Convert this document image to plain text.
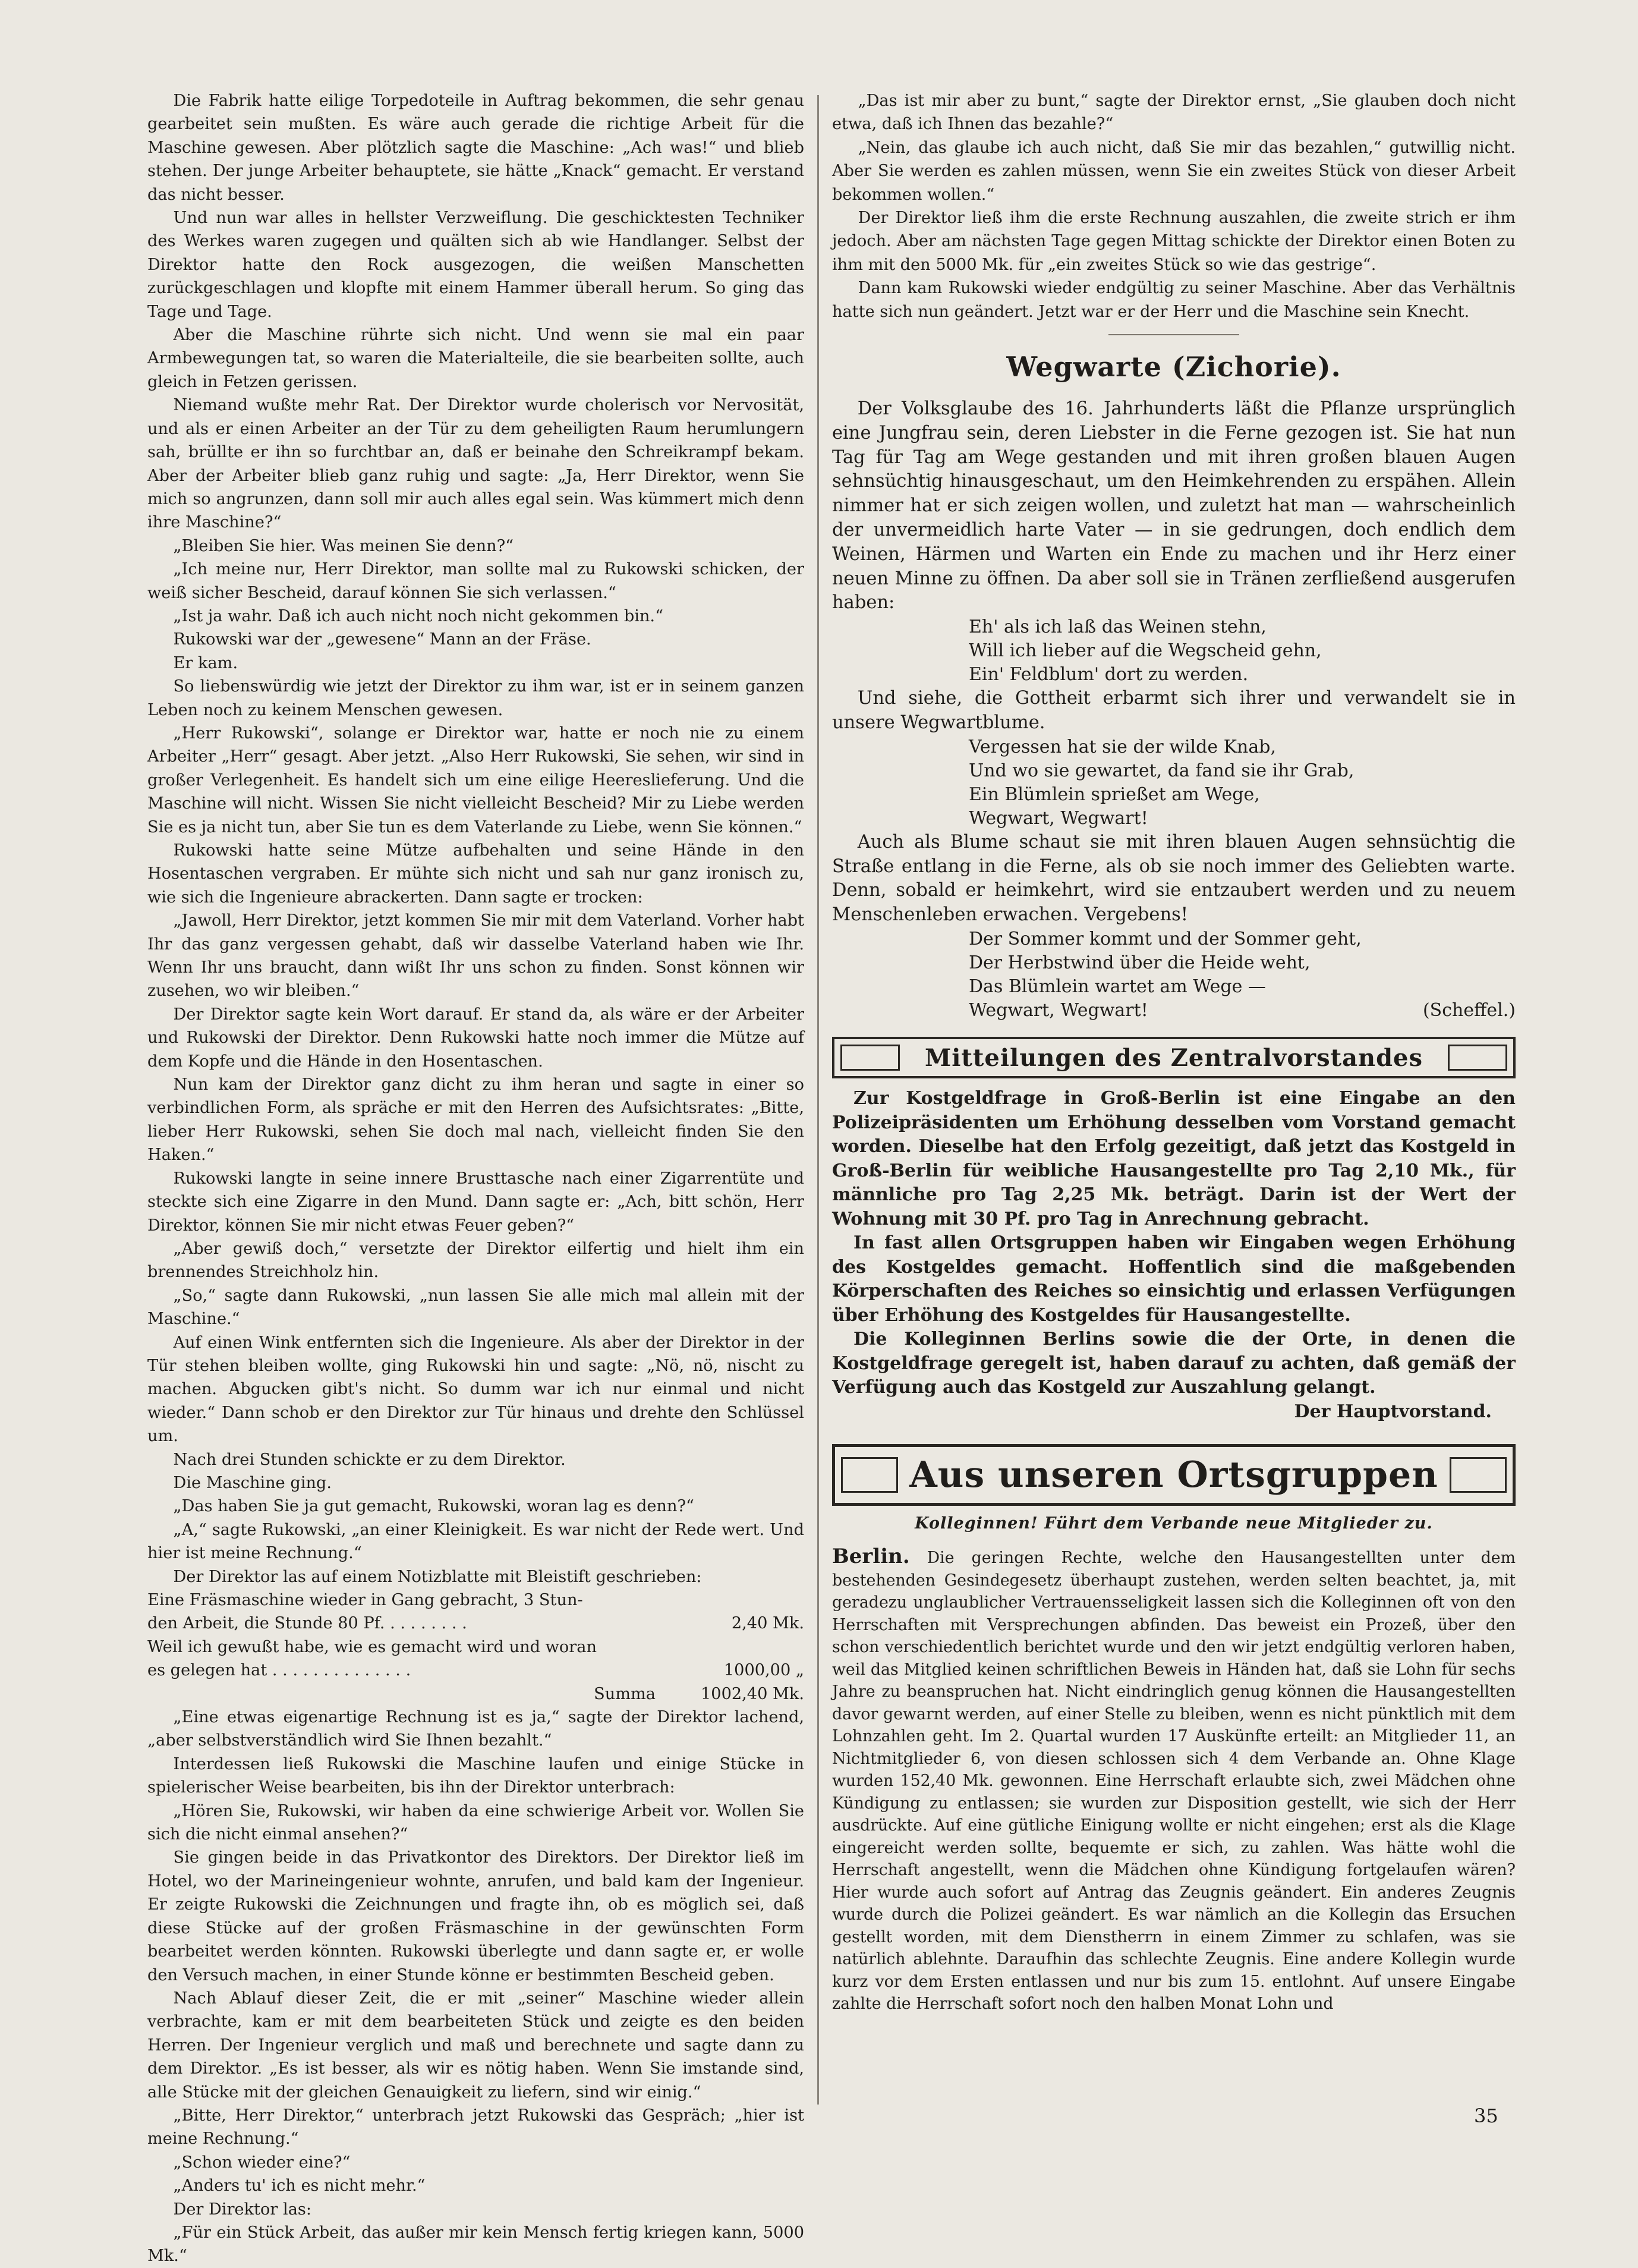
Die Fabrik hatte eilige Torpedoteile in Auftrag bekommen, die sehr genau gearbeitet sein mußten. Es wäre auch gerade die richtige Arbeit für die Maschine gewesen. Aber plötzlich sagte die Maschine: „Ach was!“ und blieb stehen. Der junge Arbeiter behauptete, sie hätte „Knack“ gemacht. Er verstand das nicht besser.

Und nun war alles in hellster Verzweiflung. Die geschicktesten Techniker des Werkes waren zugegen und quälten sich ab wie Handlanger. Selbst der Direktor hatte den Rock ausgezogen, die weißen Manschetten zurückgeschlagen und klopfte mit einem Hammer überall herum. So ging das Tage und Tage.

Aber die Maschine rührte sich nicht. Und wenn sie mal ein paar Armbewegungen tat, so waren die Materialteile, die sie bearbeiten sollte, auch gleich in Fetzen gerissen.

Niemand wußte mehr Rat. Der Direktor wurde cholerisch vor Nervosität, und als er einen Arbeiter an der Tür zu dem geheiligten Raum herumlungern sah, brüllte er ihn so furchtbar an, daß er beinahe den Schreikrampf bekam. Aber der Arbeiter blieb ganz ruhig und sagte: „Ja, Herr Direktor, wenn Sie mich so angrunzen, dann soll mir auch alles egal sein. Was kümmert mich denn ihre Maschine?“

„Bleiben Sie hier. Was meinen Sie denn?“

„Ich meine nur, Herr Direktor, man sollte mal zu Rukowski schicken, der weiß sicher Bescheid, darauf können Sie sich verlassen.“

„Ist ja wahr. Daß ich auch nicht noch nicht gekommen bin.“

Rukowski war der „gewesene“ Mann an der Fräse.

Er kam.

So liebenswürdig wie jetzt der Direktor zu ihm war, ist er in seinem ganzen Leben noch zu keinem Menschen gewesen.

„Herr Rukowski“, solange er Direktor war, hatte er noch nie zu einem Arbeiter „Herr“ gesagt. Aber jetzt. „Also Herr Rukowski, Sie sehen, wir sind in großer Verlegenheit. Es handelt sich um eine eilige Heereslieferung. Und die Maschine will nicht. Wissen Sie nicht vielleicht Bescheid? Mir zu Liebe werden Sie es ja nicht tun, aber Sie tun es dem Vaterlande zu Liebe, wenn Sie können.“

Rukowski hatte seine Mütze aufbehalten und seine Hände in den Hosentaschen vergraben. Er mühte sich nicht und sah nur ganz ironisch zu, wie sich die Ingenieure abrackerten. Dann sagte er trocken:

„Jawoll, Herr Direktor, jetzt kommen Sie mir mit dem Vaterland. Vorher habt Ihr das ganz vergessen gehabt, daß wir dasselbe Vaterland haben wie Ihr. Wenn Ihr uns braucht, dann wißt Ihr uns schon zu finden. Sonst können wir zusehen, wo wir bleiben.“

Der Direktor sagte kein Wort darauf. Er stand da, als wäre er der Arbeiter und Rukowski der Direktor. Denn Rukowski hatte noch immer die Mütze auf dem Kopfe und die Hände in den Hosentaschen.

Nun kam der Direktor ganz dicht zu ihm heran und sagte in einer so verbindlichen Form, als spräche er mit den Herren des Aufsichtsrates: „Bitte, lieber Herr Rukowski, sehen Sie doch mal nach, vielleicht finden Sie den Haken.“

Rukowski langte in seine innere Brusttasche nach einer Zigarrentüte und steckte sich eine Zigarre in den Mund. Dann sagte er: „Ach, bitt schön, Herr Direktor, können Sie mir nicht etwas Feuer geben?“

„Aber gewiß doch,“ versetzte der Direktor eilfertig und hielt ihm ein brennendes Streichholz hin.

„So,“ sagte dann Rukowski, „nun lassen Sie alle mich mal allein mit der Maschine.“

Auf einen Wink entfernten sich die Ingenieure. Als aber der Direktor in der Tür stehen bleiben wollte, ging Rukowski hin und sagte: „Nö, nö, nischt zu machen. Abgucken gibt's nicht. So dumm war ich nur einmal und nicht wieder.“ Dann schob er den Direktor zur Tür hinaus und drehte den Schlüssel um.

Nach drei Stunden schickte er zu dem Direktor.

Die Maschine ging.

„Das haben Sie ja gut gemacht, Rukowski, woran lag es denn?“

„A,“ sagte Rukowski, „an einer Kleinigkeit. Es war nicht der Rede wert. Und hier ist meine Rechnung.“

Der Direktor las auf einem Notizblatte mit Bleistift geschrieben:

Eine Fräsmaschine wieder in Gang gebracht, 3 Stun-	
den Arbeit, die Stunde 80 Pf. . . . . . . . .	2,40 Mk.
Weil ich gewußt habe, wie es gemacht wird und woran	
es gelegen hat . . . . . . . . . . . . . .	1000,00 „
Summa	1002,40 Mk.

„Eine etwas eigenartige Rechnung ist es ja,“ sagte der Direktor lachend, „aber selbstverständlich wird Sie Ihnen bezahlt.“

Interdessen ließ Rukowski die Maschine laufen und einige Stücke in spielerischer Weise bearbeiten, bis ihn der Direktor unterbrach:

„Hören Sie, Rukowski, wir haben da eine schwierige Arbeit vor. Wollen Sie sich die nicht einmal ansehen?“

Sie gingen beide in das Privatkontor des Direktors. Der Direktor ließ im Hotel, wo der Marineingenieur wohnte, anrufen, und bald kam der Ingenieur. Er zeigte Rukowski die Zeichnungen und fragte ihn, ob es möglich sei, daß diese Stücke auf der großen Fräsmaschine in der gewünschten Form bearbeitet werden könnten. Rukowski überlegte und dann sagte er, er wolle den Versuch machen, in einer Stunde könne er bestimmten Bescheid geben.

Nach Ablauf dieser Zeit, die er mit „seiner“ Maschine wieder allein verbrachte, kam er mit dem bearbeiteten Stück und zeigte es den beiden Herren. Der Ingenieur verglich und maß und berechnete und sagte dann zu dem Direktor. „Es ist besser, als wir es nötig haben. Wenn Sie imstande sind, alle Stücke mit der gleichen Genauigkeit zu liefern, sind wir einig.“

„Bitte, Herr Direktor,“ unterbrach jetzt Rukowski das Gespräch; „hier ist meine Rechnung.“

„Schon wieder eine?“

„Anders tu' ich es nicht mehr.“

Der Direktor las:

„Für ein Stück Arbeit, das außer mir kein Mensch fertig kriegen kann, 5000 Mk.“

„Das ist mir aber zu bunt,“ sagte der Direktor ernst, „Sie glauben doch nicht etwa, daß ich Ihnen das bezahle?“

„Nein, das glaube ich auch nicht, daß Sie mir das bezahlen,“ gutwillig nicht. Aber Sie werden es zahlen müssen, wenn Sie ein zweites Stück von dieser Arbeit bekommen wollen.“

Der Direktor ließ ihm die erste Rechnung auszahlen, die zweite strich er ihm jedoch. Aber am nächsten Tage gegen Mittag schickte der Direktor einen Boten zu ihm mit den 5000 Mk. für „ein zweites Stück so wie das gestrige“.

Dann kam Rukowski wieder endgültig zu seiner Maschine. Aber das Verhältnis hatte sich nun geändert. Jetzt war er der Herr und die Maschine sein Knecht.

Wegwarte (Zichorie).

Der Volksglaube des 16. Jahrhunderts läßt die Pflanze ursprünglich eine Jungfrau sein, deren Liebster in die Ferne gezogen ist. Sie hat nun Tag für Tag am Wege gestanden und mit ihren großen blauen Augen sehnsüchtig hinausgeschaut, um den Heimkehrenden zu erspähen. Allein nimmer hat er sich zeigen wollen, und zuletzt hat man — wahrscheinlich der unvermeidlich harte Vater — in sie gedrungen, doch endlich dem Weinen, Härmen und Warten ein Ende zu machen und ihr Herz einer neuen Minne zu öffnen. Da aber soll sie in Tränen zerfließend ausgerufen haben:

Eh' als ich laß das Weinen stehn,
Will ich lieber auf die Wegscheid gehn,
Ein' Feldblum' dort zu werden.

Und siehe, die Gottheit erbarmt sich ihrer und verwandelt sie in unsere Wegwartblume.

Vergessen hat sie der wilde Knab,
Und wo sie gewartet, da fand sie ihr Grab,
Ein Blümlein sprießet am Wege,
Wegwart, Wegwart!

Auch als Blume schaut sie mit ihren blauen Augen sehnsüchtig die Straße entlang in die Ferne, als ob sie noch immer des Geliebten warte. Denn, sobald er heimkehrt, wird sie entzaubert werden und zu neuem Menschenleben erwachen. Vergebens!

Der Sommer kommt und der Sommer geht,
Der Herbstwind über die Heide weht,
Das Blümlein wartet am Wege —
Wegwart, Wegwart!	(Scheffel.)
Mitteilungen des Zentralvorstandes

Zur Kostgeldfrage in Groß-Berlin ist eine Eingabe an den Polizeipräsidenten um Erhöhung desselben vom Vorstand gemacht worden. Dieselbe hat den Erfolg gezeitigt, daß jetzt das Kostgeld in Groß-Berlin für weibliche Hausangestellte pro Tag 2,10 Mk., für männliche pro Tag 2,25 Mk. beträgt. Darin ist der Wert der Wohnung mit 30 Pf. pro Tag in Anrechnung gebracht.

In fast allen Ortsgruppen haben wir Eingaben wegen Erhöhung des Kostgeldes gemacht. Hoffentlich sind die maßgebenden Körperschaften des Reiches so einsichtig und erlassen Verfügungen über Erhöhung des Kostgeldes für Hausangestellte.

Die Kolleginnen Berlins sowie die der Orte, in denen die Kostgeldfrage geregelt ist, haben darauf zu achten, daß gemäß der Verfügung auch das Kostgeld zur Auszahlung gelangt.

Der Hauptvorstand.
Aus unseren Ortsgruppen
Kolleginnen! Führt dem Verbande neue Mitglieder zu.

Berlin. Die geringen Rechte, welche den Hausangestellten unter dem bestehenden Gesindegesetz überhaupt zustehen, werden selten beachtet, ja, mit geradezu unglaublicher Vertrauensseligkeit lassen sich die Kolleginnen oft von den Herrschaften mit Versprechungen abfinden. Das beweist ein Prozeß, über den schon verschiedentlich berichtet wurde und den wir jetzt endgültig verloren haben, weil das Mitglied keinen schriftlichen Beweis in Händen hat, daß sie Lohn für sechs Jahre zu beanspruchen hat. Nicht eindringlich genug können die Hausangestellten davor gewarnt werden, auf einer Stelle zu bleiben, wenn es nicht pünktlich mit dem Lohnzahlen geht. Im 2. Quartal wurden 17 Auskünfte erteilt: an Mitglieder 11, an Nichtmitglieder 6, von diesen schlossen sich 4 dem Verbande an. Ohne Klage wurden 152,40 Mk. gewonnen. Eine Herrschaft erlaubte sich, zwei Mädchen ohne Kündigung zu entlassen; sie wurden zur Disposition gestellt, wie sich der Herr ausdrückte. Auf eine gütliche Einigung wollte er nicht eingehen; erst als die Klage eingereicht werden sollte, bequemte er sich, zu zahlen. Was hätte wohl die Herrschaft angestellt, wenn die Mädchen ohne Kündigung fortgelaufen wären? Hier wurde auch sofort auf Antrag das Zeugnis geändert. Ein anderes Zeugnis wurde durch die Polizei geändert. Es war nämlich an die Kollegin das Ersuchen gestellt worden, mit dem Dienstherrn in einem Zimmer zu schlafen, was sie natürlich ablehnte. Daraufhin das schlechte Zeugnis. Eine andere Kollegin wurde kurz vor dem Ersten entlassen und nur bis zum 15. entlohnt. Auf unsere Eingabe zahlte die Herrschaft sofort noch den halben Monat Lohn und

35
